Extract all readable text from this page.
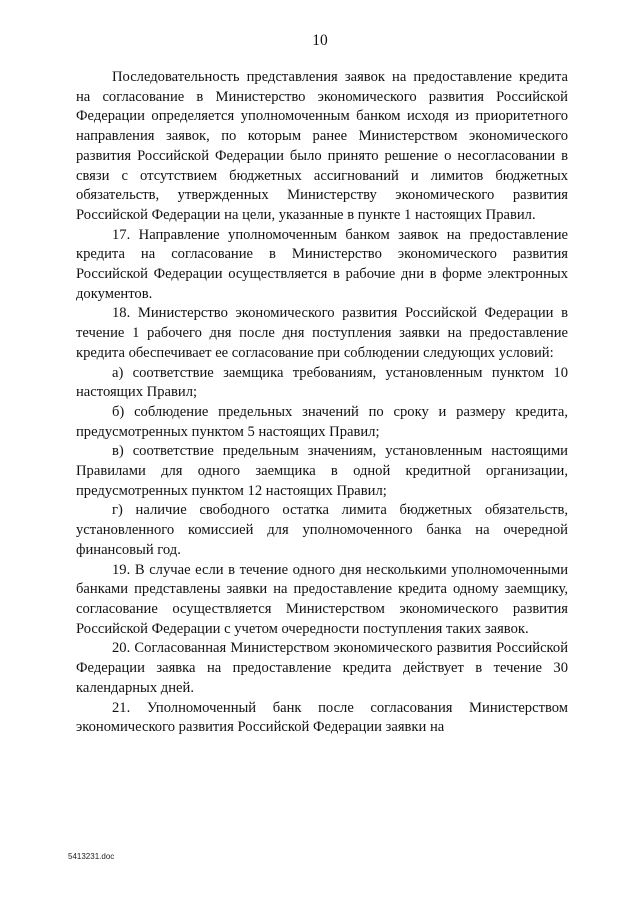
10

Последовательность представления заявок на предоставление кредита на согласование в Министерство экономического развития Российской Федерации определяется уполномоченным банком исходя из приоритетного направления заявок, по которым ранее Министерством экономического развития Российской Федерации было принято решение о несогласовании в связи с отсутствием бюджетных ассигнований и лимитов бюджетных обязательств, утвержденных Министерству экономического развития Российской Федерации на цели, указанные в пункте 1 настоящих Правил.

17. Направление уполномоченным банком заявок на предоставление кредита на согласование в Министерство экономического развития Российской Федерации осуществляется в рабочие дни в форме электронных документов.

18. Министерство экономического развития Российской Федерации в течение 1 рабочего дня после дня поступления заявки на предоставление кредита обеспечивает ее согласование при соблюдении следующих условий:

а) соответствие заемщика требованиям, установленным пунктом 10 настоящих Правил;

б) соблюдение предельных значений по сроку и размеру кредита, предусмотренных пунктом 5 настоящих Правил;

в) соответствие предельным значениям, установленным настоящими Правилами для одного заемщика в одной кредитной организации, предусмотренных пунктом 12 настоящих Правил;

г) наличие свободного остатка лимита бюджетных обязательств, установленного комиссией для уполномоченного банка на очередной финансовый год.

19. В случае если в течение одного дня несколькими уполномоченными банками представлены заявки на предоставление кредита одному заемщику, согласование осуществляется Министерством экономического развития Российской Федерации с учетом очередности поступления таких заявок.

20. Согласованная Министерством экономического развития Российской Федерации заявка на предоставление кредита действует в течение 30 календарных дней.

21. Уполномоченный банк после согласования Министерством экономического развития Российской Федерации заявки на

5413231.doc
